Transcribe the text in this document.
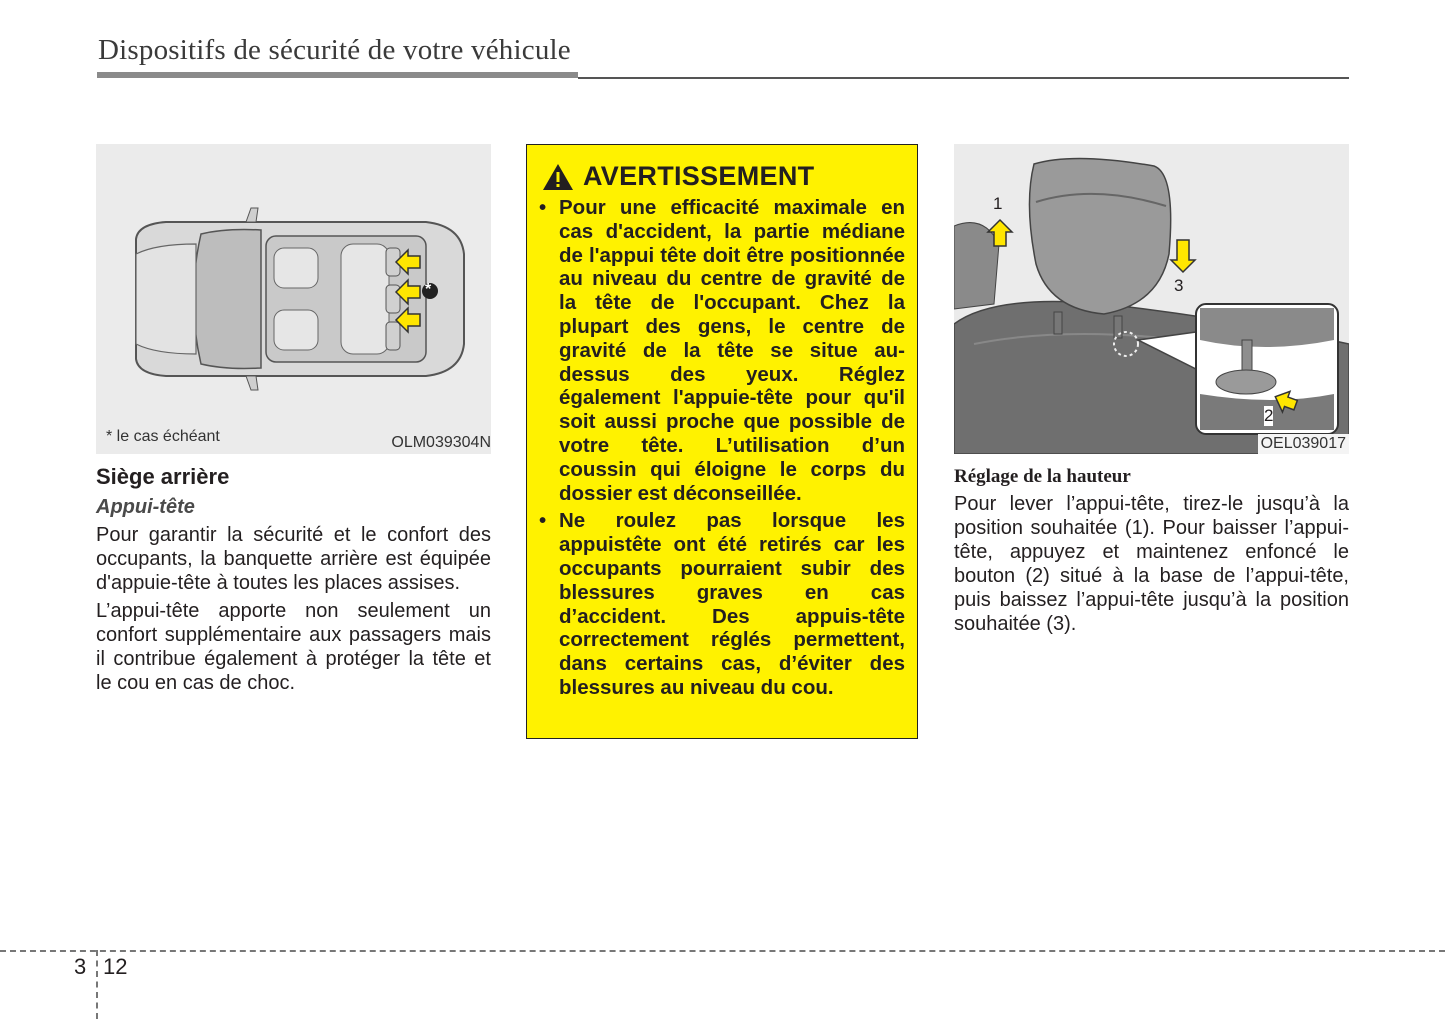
Dispositifs de sécurité de votre véhicule
*
* le cas échéant	OLM039304N
Siège arrière
Appui-tête

Pour garantir la sécurité et le confort des occupants, la banquette arrière est équipée d'appuie-tête à toutes les places assises.

L’appui-tête apporte non seulement un confort supplémentaire aux passagers mais il contribue également à protéger la tête et le cou en cas de choc.

AVERTISSEMENT
• Pour une efficacité maximale en cas d'accident, la partie médiane de l'appui tête doit être positionnée au niveau du centre de gravité de la tête de l'occupant. Chez la plupart des gens, le centre de gravité de la tête se situe au-dessus des yeux. Réglez également l'appuie-tête pour qu'il soit aussi proche que possible de votre tête. L’utilisation d’un coussin qui éloigne le corps du dossier est déconseillée.
• Ne roulez pas lorsque les appuistête ont été retirés car les occupants pourraient subir des blessures graves en cas d’accident. Des appuis-tête correctement réglés permettent, dans certains cas, d’éviter des blessures au niveau du cou.
1
3
2
OEL039017
Réglage de la hauteur

Pour lever l’appui-tête, tirez-le jusqu’à la position souhaitée (1). Pour baisser l’appui-tête, appuyez et maintenez enfoncé le bouton (2) situé à la base de l’appui-tête, puis baissez l’appui-tête jusqu’à la position souhaitée (3).

3 12
